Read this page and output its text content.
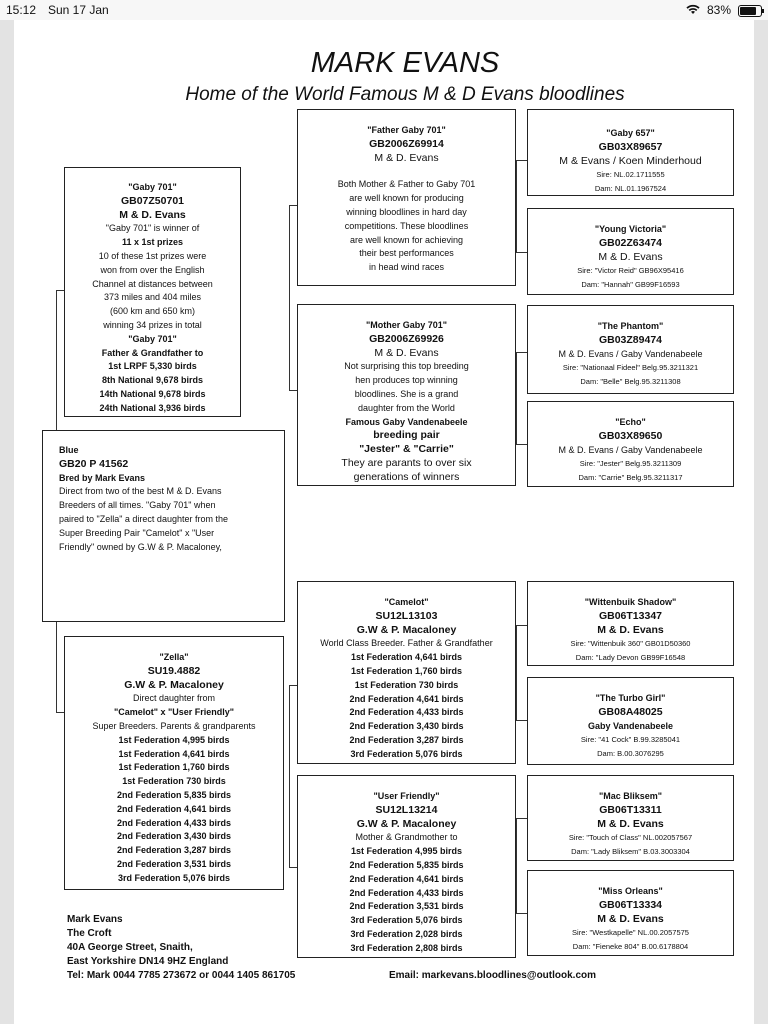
15:12 Sun 17 Jan	83%
MARK EVANS
Home of the World Famous M & D Evans bloodlines
Blue
GB20 P 41562
Bred by Mark Evans
Direct from two of the best M & D. Evans
Breeders of all times. "Gaby 701" when
paired to "Zella" a direct daughter from the
Super Breeding Pair "Camelot" x "User
Friendly" owned by G.W & P. Macaloney,
"Gaby 701"
GB07Z50701
M & D. Evans
"Gaby 701" is winner of
11 x 1st prizes
10 of these 1st prizes were
won from over the English
Channel at distances between
373 miles and 404 miles
(600 km and 650 km)
winning 34 prizes in total
"Gaby 701"
Father & Grandfather to
1st LRPF 5,330 birds
8th National 9,678 birds
14th National 9,678 birds
24th National 3,936 birds
"Zella"
SU19.4882
G.W & P. Macaloney
Direct daughter from
"Camelot" x "User Friendly"
Super Breeders. Parents & grandparents
1st Federation 4,995 birds
1st Federation 4,641 birds
1st Federation 1,760 birds
1st Federation 730 birds
2nd Federation 5,835 birds
2nd Federation 4,641 birds
2nd Federation 4,433 birds
2nd Federation 3,430 birds
2nd Federation 3,287 birds
2nd Federation 3,531 birds
3rd Federation 5,076 birds
"Father Gaby 701"
GB2006Z69914
M & D. Evans
Both Mother & Father to Gaby 701
are well known for producing
winning bloodlines in hard day
competitions. These bloodlines
are well known for achieving
their best performances
in head wind races
"Mother Gaby 701"
GB2006Z69926
M & D. Evans
Not surprising this top breeding
hen produces top winning
bloodlines. She is a grand
daughter from the World
Famous Gaby Vandenabeele
breeding pair
"Jester" & "Carrie"
They are parants to over six
generations of winners
"Camelot"
SU12L13103
G.W & P. Macaloney
World Class Breeder. Father & Grandfather
1st Federation 4,641 birds
1st Federation 1,760 birds
1st Federation 730 birds
2nd Federation 4,641 birds
2nd Federation 4,433 birds
2nd Federation 3,430 birds
2nd Federation 3,287 birds
3rd Federation 5,076 birds
"User Friendly"
SU12L13214
G.W & P. Macaloney
Mother & Grandmother to
1st Federation 4,995 birds
2nd Federation 5,835 birds
2nd Federation 4,641 birds
2nd Federation 4,433 birds
2nd Federation 3,531 birds
3rd Federation 5,076 birds
3rd Federation 2,028 birds
3rd Federation 2,808 birds
"Gaby 657"
GB03X89657
M & Evans / Koen Minderhoud
Sire: NL.02.1711555
Dam: NL.01.1967524
"Young Victoria"
GB02Z63474
M & D. Evans
Sire: "Victor Reid" GB96X95416
Dam: "Hannah" GB99F16593
"The Phantom"
GB03Z89474
M & D. Evans / Gaby Vandenabeele
Sire: "Nationaal Fideel" Belg.95.3211321
Dam: "Belle" Belg.95.3211308
"Echo"
GB03X89650
M & D. Evans / Gaby Vandenabeele
Sire: "Jester" Belg.95.3211309
Dam: "Carrie" Belg.95.3211317
"Wittenbuik Shadow"
GB06T13347
M & D. Evans
Sire: "Wittenbuik 360" GB01D50360
Dam: "Lady Devon GB99F16548
"The Turbo Girl"
GB08A48025
Gaby Vandenabeele
Sire: "41 Cock" B.99.3285041
Dam: B.00.3076295
"Mac Bliksem"
GB06T13311
M & D. Evans
Sire: "Touch of Class" NL.002057567
Dam: "Lady Bliksem" B.03.3003304
"Miss Orleans"
GB06T13334
M & D. Evans
Sire: "Westkapelle" NL.00.2057575
Dam: "Fieneke 804" B.00.6178804
Mark Evans
The Croft
40A George Street, Snaith,
East Yorkshire DN14 9HZ England
Tel: Mark 0044 7785 273672 or 0044 1405 861705	Email: markevans.bloodlines@outlook.com
